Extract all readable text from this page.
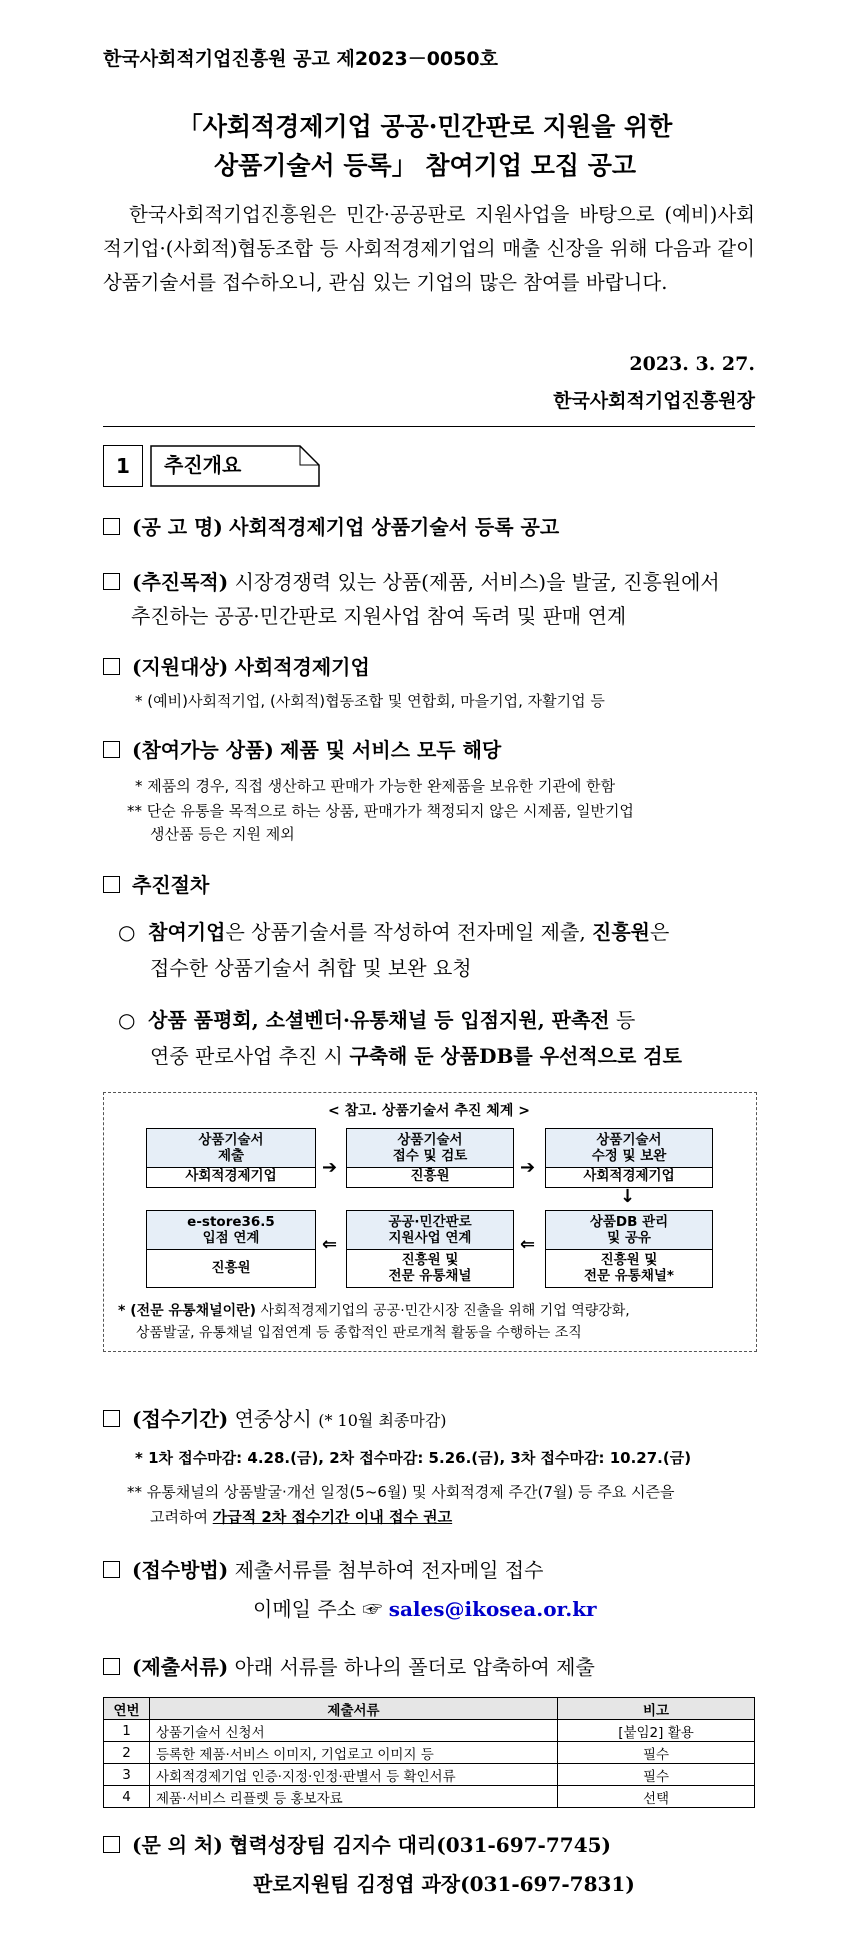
한국사회적기업진흥원 공고 제2023－0050호
「사회적경제기업 공공·민간판로 지원을 위한
상품기술서 등록」 참여기업 모집 공고
한국사회적기업진흥원은 민간·공공판로 지원사업을 바탕으로 (예비)사회적기업·(사회적)협동조합 등 사회적경제기업의 매출 신장을 위해 다음과 같이 상품기술서를 접수하오니, 관심 있는 기업의 많은 참여를 바랍니다.
2023. 3. 27.
한국사회적기업진흥원장
1	추진개요
(공 고 명) 사회적경제기업 상품기술서 등록 공고
(추진목적) 시장경쟁력 있는 상품(제품, 서비스)을 발굴, 진흥원에서
추진하는 공공·민간판로 지원사업 참여 독려 및 판매 연계
(지원대상) 사회적경제기업
* (예비)사회적기업, (사회적)협동조합 및 연합회, 마을기업, 자활기업 등
(참여가능 상품) 제품 및 서비스 모두 해당
* 제품의 경우, 직접 생산하고 판매가 가능한 완제품을 보유한 기관에 한함
** 단순 유통을 목적으로 하는 상품, 판매가가 책정되지 않은 시제품, 일반기업
생산품 등은 지원 제외
추진절차
○ 참여기업은 상품기술서를 작성하여 전자메일 제출, 진흥원은
접수한 상품기술서 취합 및 보완 요청
○ 상품 품평회, 소셜벤더·유통채널 등 입점지원, 판촉전 등
연중 판로사업 추진 시 구축해 둔 상품DB를 우선적으로 검토
< 참고. 상품기술서 추진 체계 >
상품기술서
제출
사회적경제기업	➔
상품기술서
접수 및 검토
진흥원	➔
상품기술서
수정 및 보완
사회적경제기업
↓
상품DB 관리
및 공유
진흥원 및
전문 유통채널*
⇐
공공·민간판로
지원사업 연계
진흥원 및
전문 유통채널
⇐
e-store36.5
입점 연계
진흥원
* (전문 유통채널이란) 사회적경제기업의 공공·민간시장 진출을 위해 기업 역량강화,
상품발굴, 유통채널 입점연계 등 종합적인 판로개척 활동을 수행하는 조직
(접수기간) 연중상시 (* 10월 최종마감)
* 1차 접수마감: 4.28.(금), 2차 접수마감: 5.26.(금), 3차 접수마감: 10.27.(금)
** 유통채널의 상품발굴·개선 일정(5~6월) 및 사회적경제 주간(7월) 등 주요 시즌을
고려하여 가급적 2차 접수기간 이내 접수 권고
(접수방법) 제출서류를 첨부하여 전자메일 접수
이메일 주소 ☞ sales@ikosea.or.kr
(제출서류) 아래 서류를 하나의 폴더로 압축하여 제출
연번	제출서류	비고
1	상품기술서 신청서	[붙임2] 활용
2	등록한 제품·서비스 이미지, 기업로고 이미지 등	필수
3	사회적경제기업 인증·지정·인정·판별서 등 확인서류	필수
4	제품·서비스 리플렛 등 홍보자료	선택
(문 의 처) 협력성장팀 김지수 대리(031-697-7745)
판로지원팀 김정엽 과장(031-697-7831)
